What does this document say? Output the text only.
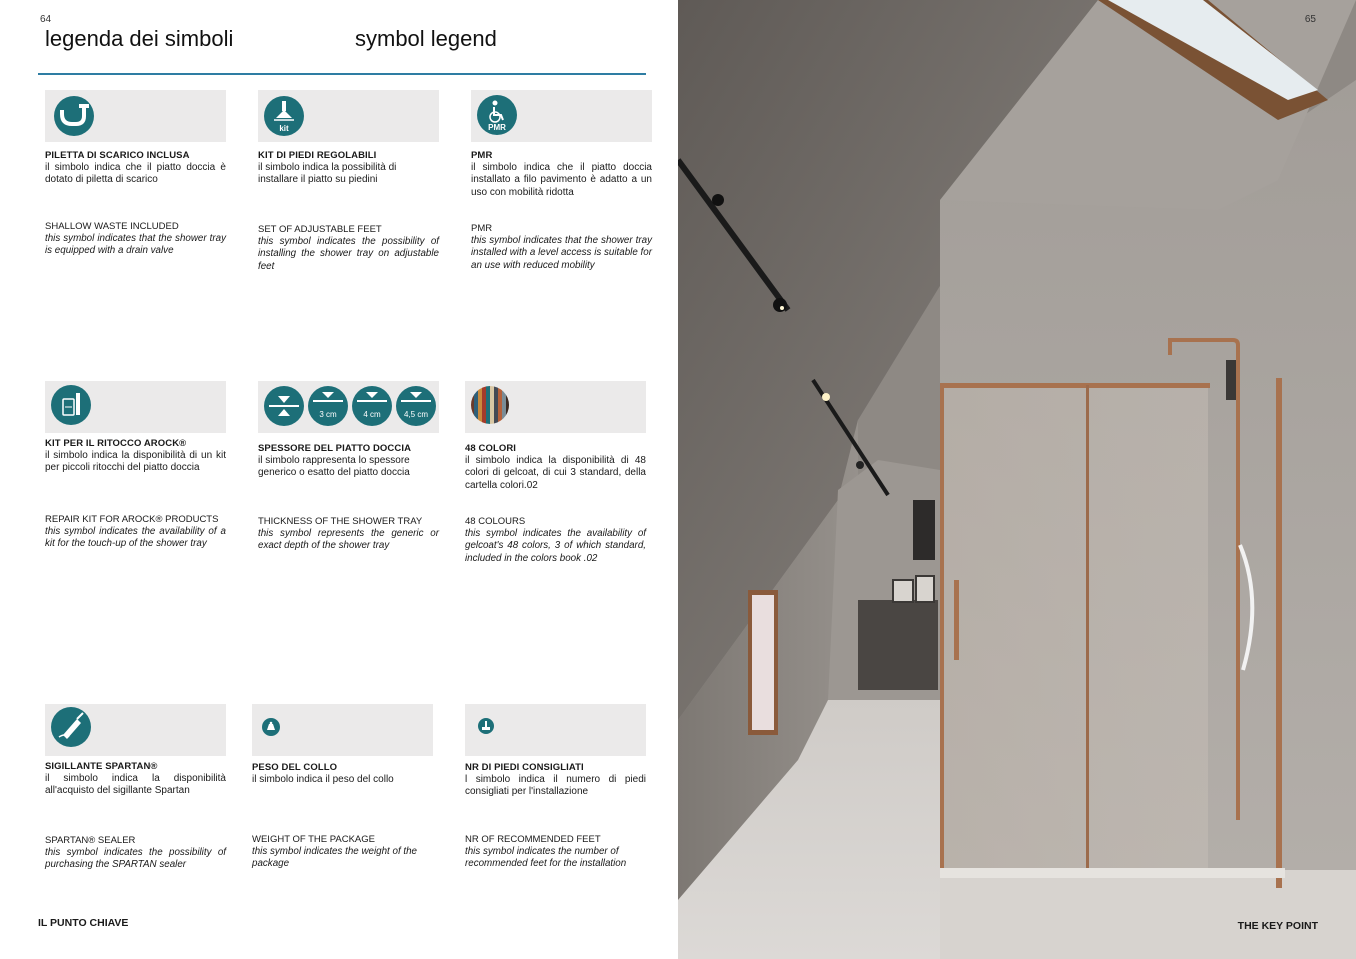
64
legenda dei simboli	symbol legend
PILETTA DI SCARICO INCLUSA
il simbolo indica che il piatto doccia è dotato di piletta di scarico
SHALLOW WASTE INCLUDED
this symbol indicates that the shower tray is equipped with a drain valve
kit
KIT DI PIEDI REGOLABILI
il simbolo indica la possibilità di installare il piatto su piedini
SET OF ADJUSTABLE FEET
this symbol indicates the possibility of installing the shower tray on adjustable feet
PMR
PMR
il simbolo indica che il piatto doccia installato a filo pavimento è adatto a un uso con mobilità ridotta
PMR
this symbol indicates that the shower tray installed with a level access is suitable for an use with reduced mobility
KIT PER IL RITOCCO AROCK®
il simbolo indica la disponibilità di un kit per piccoli ritocchi del piatto doccia
REPAIR KIT FOR AROCK® PRODUCTS
this symbol indicates the availability of a kit for the touch-up of the shower tray
3 cm	4 cm	4,5 cm
SPESSORE DEL PIATTO DOCCIA
il simbolo rappresenta lo spessore generico o esatto del piatto doccia
THICKNESS OF THE SHOWER TRAY
this symbol represents the generic or exact depth of the shower tray
48 COLORI
il simbolo indica la disponibilità di 48 colori di gelcoat, di cui 3 standard, della cartella colori.02
48 COLOURS
this symbol indicates the availability of gelcoat's 48 colors, 3 of which standard, included in the colors book .02
SIGILLANTE SPARTAN®
il simbolo indica la disponibilità all'acquisto del sigillante Spartan
SPARTAN® SEALER
this symbol indicates the possibility of purchasing the SPARTAN sealer
PESO DEL COLLO
il simbolo indica il peso del collo
WEIGHT OF THE PACKAGE
this symbol indicates the weight of the package
NR DI PIEDI CONSIGLIATI
l simbolo indica il numero di piedi consigliati per l'installazione
NR OF RECOMMENDED FEET
this symbol indicates the number of recommended feet for the installation
IL PUNTO CHIAVE
65
THE KEY POINT
